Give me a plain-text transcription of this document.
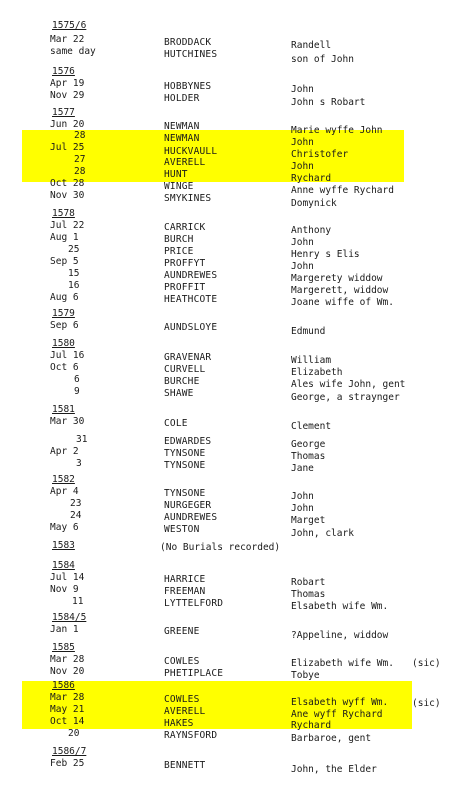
1575/6
Mar 22	BRODDACK	Randell
same day	HUTCHINES	son of John
1576
Apr 19	HOBBYNES	John
Nov 29	HOLDER	John s Robart
1577
Jun 20	NEWMAN	Marie wyffe John
28	NEWMAN	John
Jul 25	HUCKVAULL	Christofer
27	AVERELL	John
28	HUNT	Rychard
Oct 28	WINGE	Anne wyffe Rychard
Nov 30	SMYKINES	Domynick
1578
Jul 22	CARRICK	Anthony
Aug 1	BURCH	John
25	PRICE	Henry s Elis
Sep 5	PROFFYT	John
15	AUNDREWES	Margerety widdow
16	PROFFIT	Margerett, widdow
Aug 6	HEATHCOTE	Joane wiffe of Wm.
1579
Sep 6	AUNDSLOYE	Edmund
1580
Jul 16	GRAVENAR	William
Oct 6	CURVELL	Elizabeth
6	BURCHE	Ales wife John, gent
9	SHAWE	George, a straynger
1581
Mar 30	COLE	Clement
31	EDWARDES	George
Apr 2	TYNSONE	Thomas
3	TYNSONE	Jane
1582
Apr 4	TYNSONE	John
23	NURGEGER	John
24	AUNDREWES	Marget
May 6	WESTON	John, clark
1583	(No Burials recorded)
1584
Jul 14	HARRICE	Robart
Nov 9	FREEMAN	Thomas
11	LYTTELFORD	Elsabeth wife Wm.
1584/5
Jan 1	GREENE	?Appeline, widdow
1585
Mar 28	COWLES	Elizabeth wife Wm. (sic)
Nov 20	PHETIPLACE	Tobye
1586
Mar 28	COWLES	Elsabeth wyff Wm.	(sic)
May 21	AVERELL	Ane wyff Rychard
Oct 14	HAKES	Rychard
20	RAYNSFORD	Barbaroe, gent
1586/7
Feb 25	BENNETT	John, the Elder
